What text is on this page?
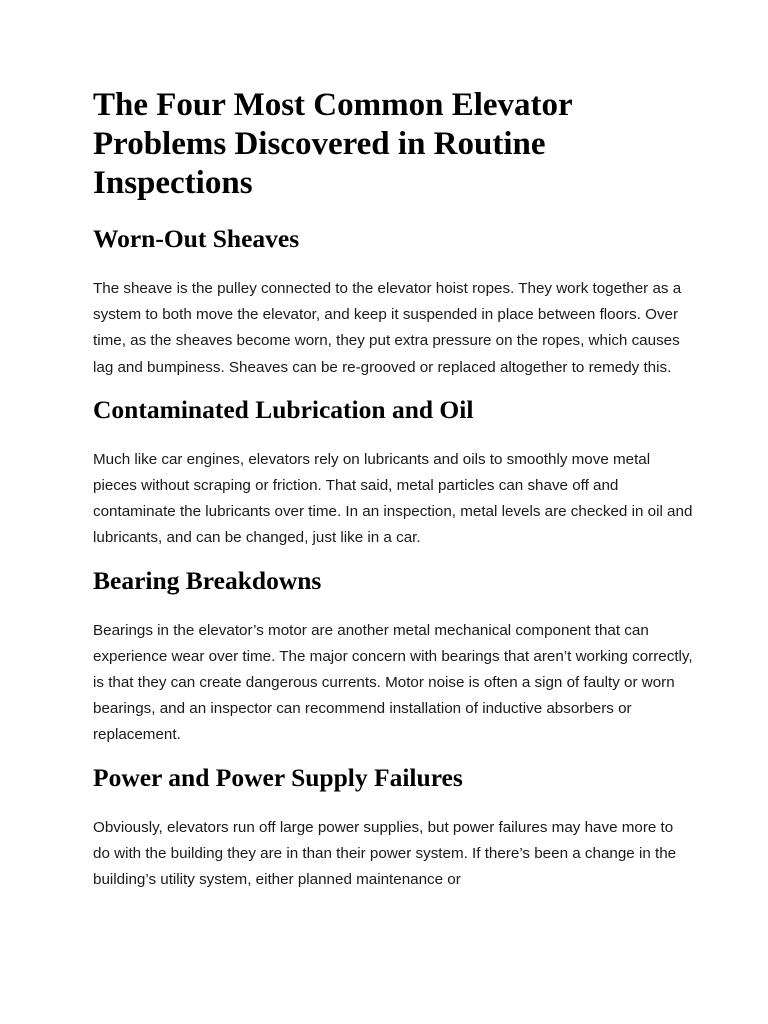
The Four Most Common Elevator Problems Discovered in Routine Inspections
Worn-Out Sheaves

The sheave is the pulley connected to the elevator hoist ropes. They work together as a system to both move the elevator, and keep it suspended in place between floors. Over time, as the sheaves become worn, they put extra pressure on the ropes, which causes lag and bumpiness. Sheaves can be re-grooved or replaced altogether to remedy this.

Contaminated Lubrication and Oil

Much like car engines, elevators rely on lubricants and oils to smoothly move metal pieces without scraping or friction. That said, metal particles can shave off and contaminate the lubricants over time. In an inspection, metal levels are checked in oil and lubricants, and can be changed, just like in a car.

Bearing Breakdowns

Bearings in the elevator’s motor are another metal mechanical component that can experience wear over time. The major concern with bearings that aren’t working correctly, is that they can create dangerous currents. Motor noise is often a sign of faulty or worn bearings, and an inspector can recommend installation of inductive absorbers or replacement.

Power and Power Supply Failures

Obviously, elevators run off large power supplies, but power failures may have more to do with the building they are in than their power system. If there’s been a change in the building’s utility system, either planned maintenance or
